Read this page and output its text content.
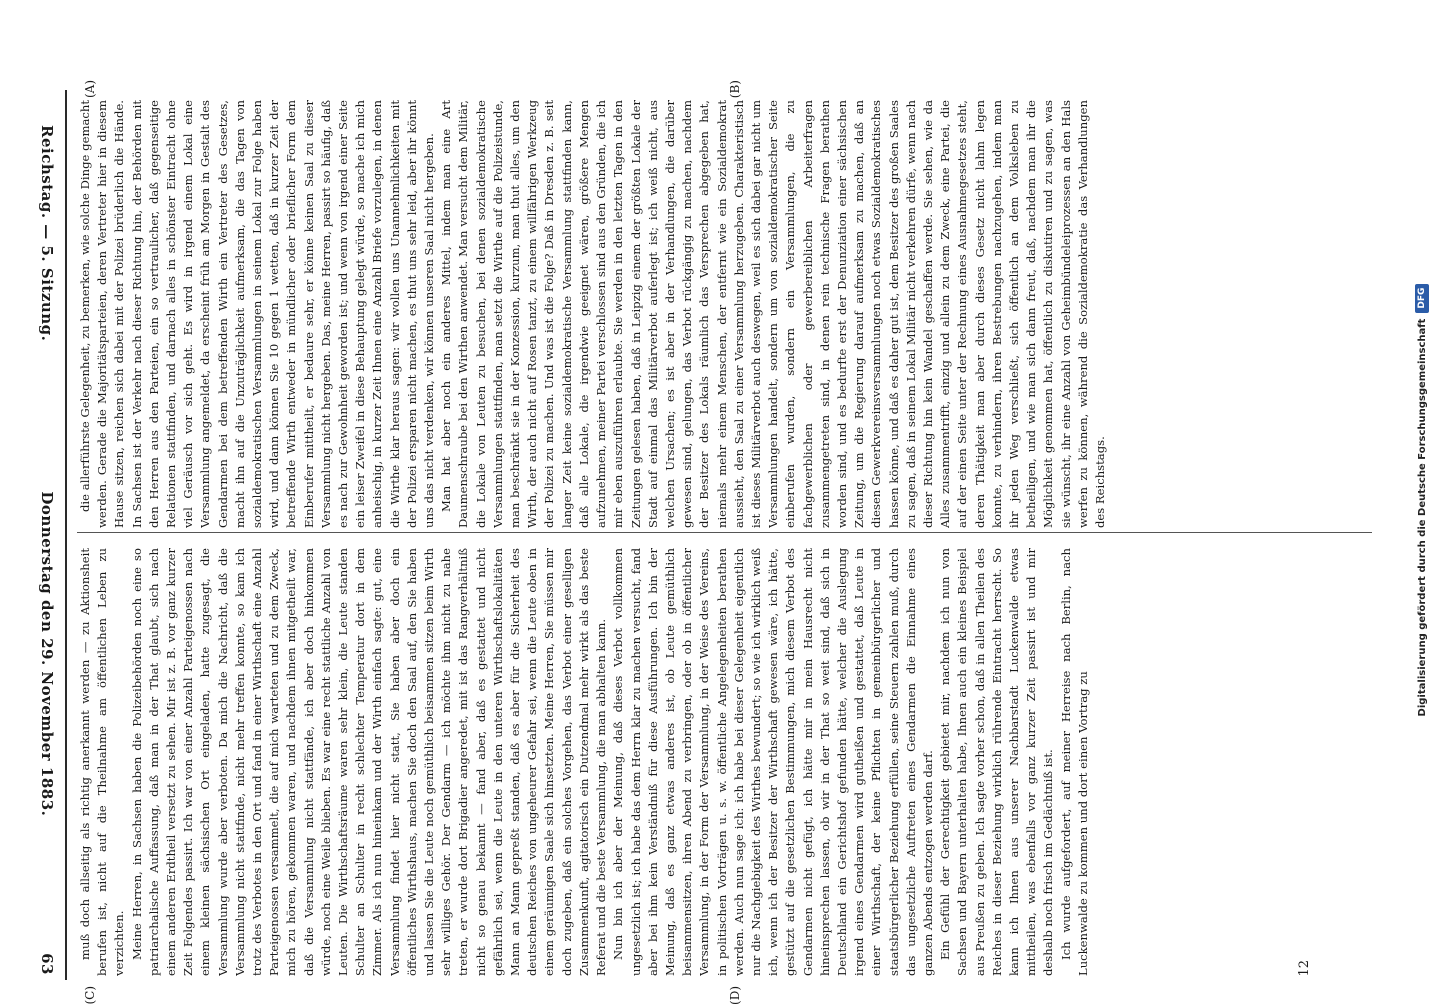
Reichstag. — 5. Sitzung.
Donnerstag den 29. November 1883.
63

die allerführste Gelegenheit, zu bemerken, wie solche Dinge gemacht werden. Gerade die Majoritätsparteien, deren Vertreter hier in diesem Hause sitzen, reichen sich dabei mit der Polizei brüderlich die Hände. In Sachsen ist der Verkehr nach dieser Richtung hin, der Behörden mit den Herren aus den Parteien, ein so vertraulicher, daß gegenseitige Relationen stattfinden, und darnach alles in schönster Eintracht ohne viel Geräusch vor sich geht. Es wird in irgend einem Lokal eine Versammlung angemeldet, da erscheint früh am Morgen in Gestalt des Gendarmen bei dem betreffenden Wirth ein Vertreter des Gesetzes, macht ihn auf die Unzuträglichkeit aufmerksam, die das Tagen von sozialdemokratischen Versammlungen in seinem Lokal zur Folge haben wird, und dann können Sie 10 gegen 1 wetten, daß in kurzer Zeit der betreffende Wirth entweder in mündlicher oder brieflicher Form dem Einberufer mittheilt, er bedaure sehr, er könne keinen Saal zu dieser Versammlung nicht hergeben. Das, meine Herren, passirt so häufig, daß es nach zur Gewohnheit geworden ist; und wenn von irgend einer Seite ein leiser Zweifel in diese Behauptung gelegt würde, so mache ich mich anheischig, in kurzer Zeit Ihnen eine Anzahl Briefe vorzulegen, in denen die Wirthe klar heraus sagen: wir wollen uns Unannehmlichkeiten mit der Polizei ersparen nicht machen, es thut uns sehr leid, aber ihr könnt uns das nicht verdenken, wir können unseren Saal nicht hergeben. Man hat aber noch ein anderes Mittel, indem man eine Art Daumenschraube bei den Wirthen anwendet. Man versucht dem Militär, die Lokale von Leuten zu besuchen, bei denen sozialdemokratische Versammlungen stattfinden, man setzt die Wirthe auf die Polizeistunde, man beschränkt sie in der Konzession, kurzum, man thut alles, um den Wirth, der auch nicht auf Rosen tanzt, zu einem willfährigen Werkzeug der Polizei zu machen. Und was ist die Folge? Daß in Dresden z. B. seit langer Zeit keine sozialdemokratische Versammlung stattfinden kann, daß alle Lokale, die irgendwie geeignet wären, größere Mengen aufzunehmen, meiner Partei verschlossen sind aus den Gründen, die ich mir eben auszuführen erlaubte. Sie werden in den letzten Tagen in den Zeitungen gelesen haben, daß in Leipzig einem der größten Lokale der Stadt auf einmal das Militärverbot auferlegt ist; ich weiß nicht, aus welchen Ursachen; es ist aber in der Verhandlungen, die darüber gewesen sind, gelungen, das Verbot rückgängig zu machen, nachdem der Besitzer des Lokals räumlich das Versprechen abgegeben hat, niemals mehr einem Menschen, der entfernt wie ein Sozialdemokrat aussieht, den Saal zu einer Versammlung herzugeben. Charakteristisch ist dieses Militärverbot auch deswegen, weil es sich dabei gar nicht um Versammlungen handelt, sondern um von sozialdemokratischer Seite einberufen wurden, sondern ein Versammlungen, die zu fachgewerblichen oder gewerbereiblichen Arbeiterfragen zusammengetreten sind, in denen rein technische Fragen berathen worden sind, und es bedurfte erst der Denunziation einer sächsischen Zeitung, um die Regierung darauf aufmerksam zu machen, daß an diesen Gewerkvereinsversammlungen noch etwas Sozialdemokratisches hassen könne, und daß es daher gut ist, dem Besitzer des großen Saales zu sagen, daß in seinem Lokal Militär nicht verkehren dürfe, wenn nach dieser Richtung hin kein Wandel geschaffen werde. Sie sehen, wie da Alles zusammentrifft, einzig und allein zu dem Zweck, eine Partei, die auf der einen Seite unter der Rechnung eines Ausnahmegesetzes steht, deren Thätigkeit man aber durch dieses Gesetz nicht lahm legen konnte, zu verhindern, ihren Bestrebungen nachzugehen, indem man ihr jeden Weg verschließt, sich öffentlich an dem Volksleben zu betheiligen, und wie man sich dann freut, daß, nachdem man ihr die Möglichkeit genommen hat, öffentlich zu diskutiren und zu sagen, was sie wünscht, ihr eine Anzahl von Geheimbündeleiprozessen an den Hals werfen zu können, während die Sozialdemokratie das Verhandlungen des Reichstags.

muß doch allseitig als richtig anerkannt werden — zu Aktionsheit berufen ist, nicht auf die Theilnahme am öffentlichen Leben zu verzichten. Meine Herren, in Sachsen haben die Polizeibehörden noch eine so patriarchalische Auffassung, daß man in der That glaubt, sich nach einem anderen Erdtheil versetzt zu sehen. Mir ist z. B. vor ganz kurzer Zeit Folgendes passirt. Ich war von einer Anzahl Parteigenossen nach einem kleinen sächsischen Ort eingeladen, hatte zugesagt, die Versammlung wurde aber verboten. Da mich die Nachricht, daß die Versammlung nicht stattfinde, nicht mehr treffen konnte, so kam ich trotz des Verbotes in den Ort und fand in einer Wirthschaft eine Anzahl Parteigenossen versammelt, die auf mich warteten und zu dem Zweck, mich zu hören, gekommen waren, und nachdem ihnen mitgetheilt war, daß die Versammlung nicht stattfände, ich aber doch hinkommen würde, noch eine Weile blieben. Es war eine recht stattliche Anzahl von Leuten. Die Wirthschaftsräume waren sehr klein, die Leute standen Schulter an Schulter in recht schlechter Temperatur dort in dem Zimmer. Als ich nun hineinkam und der Wirth einfach sagte: gut, eine Versammlung findet hier nicht statt, Sie haben aber doch ein öffentliches Wirthshaus, machen Sie doch den Saal auf, den Sie haben und lassen Sie die Leute noch gemüthlich beisammen sitzen beim Wirth sehr williges Gehör. Der Gendarm — ich möchte ihm nicht zu nahe treten, er wurde dort Brigadier angeredet, mit ist das Rangverhältniß nicht so genau bekannt — fand aber, daß es gestattet und nicht gefährlich sei, wenn die Leute in den unteren Wirthschaftslokalitäten Mann an Mann gepreßt standen, daß es aber für die Sicherheit des deutschen Reiches von ungeheurer Gefahr sei, wenn die Leute oben in einem geräumigen Saale sich hinsetzten. Meine Herren, Sie müssen mir doch zugeben, daß ein solches Vorgehen, das Verbot einer geselligen Zusammenkunft, agitatorisch ein Dutzendmal mehr wirkt als das beste Referat und die beste Versammlung, die man abhalten kann. Nun bin ich aber der Meinung, daß dieses Verbot vollkommen ungesetzlich ist; ich habe das dem Herrn klar zu machen versucht, fand aber bei ihm kein Verständniß für diese Ausführungen. Ich bin der Meinung, daß es ganz etwas anderes ist, ob Leute gemüthlich beisammensitzen, ihren Abend zu verbringen, oder ob in öffentlicher Versammlung, in der Form der Versammlung, in der Weise des Vereins, in politischen Vorträgen u. s. w. öffentliche Angelegenheiten berathen werden. Auch nun sage ich: ich habe bei dieser Gelegenheit eigentlich nur die Nachgiebigkeit des Wirthes bewundert; so wie ich wirklich weiß ich, wenn ich der Besitzer der Wirthschaft gewesen wäre, ich hätte, gestützt auf die gesetzlichen Bestimmungen, mich diesem Verbot des Gendarmen nicht gefügt, ich hätte mir in mein Hausrecht nicht hineinsprechen lassen, ob wir in der That so weit sind, daß sich in Deutschland ein Gerichtshof gefunden hätte, welcher die Auslegung irgend eines Gendarmen wird gutheißen und gestattet, daß Leute in einer Wirthschaft, der keine Pflichten in gemeinbürgerlicher und staatsbürgerlicher Beziehung erfüllen, seine Steuern zahlen muß, durch das ungesetzliche Auftreten eines Gendarmen die Einnahme eines ganzen Abends entzogen werden darf. Ein Gefühl der Gerechtigkeit gebietet mir, nachdem ich nun von Sachsen und Bayern unterhalten habe, Ihnen auch ein kleines Beispiel aus Preußen zu geben. Ich sagte vorher schon, daß in allen Theilen des Reiches in dieser Beziehung wirklich rührende Eintracht herrscht. So kann ich Ihnen aus unserer Nachbarstadt Luckenwalde etwas mittheilen, was ebenfalls vor ganz kurzer Zeit passirt ist und mir deshalb noch frisch im Gedächtniß ist. Ich wurde aufgefordert, auf meiner Herreise nach Berlin, nach Luckenwalde zu kommen und dort einen Vortrag zu

(A)	(B)
(C)	(D)
12
Digitalisierung gefördert durch die Deutsche Forschungsgemeinschaft
DFG
